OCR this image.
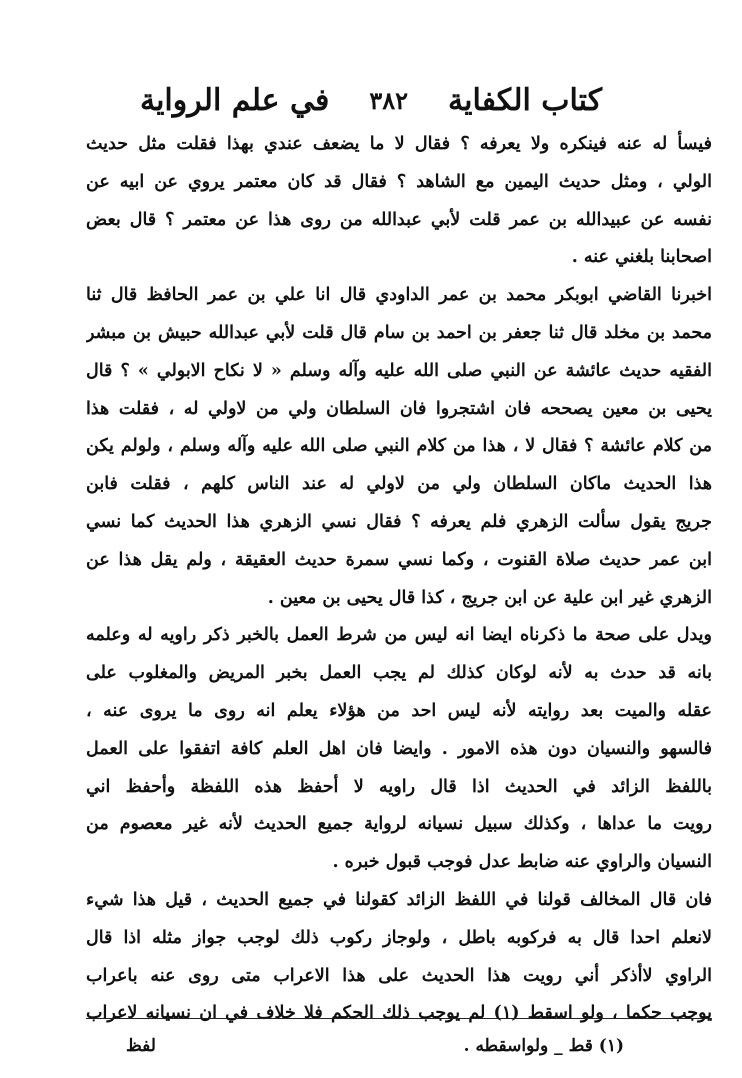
كتاب الكفاية
٣٨٢
في علم الرواية
فيسأ له عنه فينكره ولا يعرفه ؟ فقال لا ما يضعف عندي بهذا فقلت مثل حديث
الولي ، ومثل حديث اليمين مع الشاهد ؟ فقال قد كان معتمر يروي عن ابيه عن
نفسه عن عبيدالله بن عمر قلت لأبي عبدالله من روى هذا عن معتمر ؟ قال بعض
اصحابنا بلغني عنه .
اخبرنا القاضي ابوبكر محمد بن عمر الداودي قال انا علي بن عمر الحافظ قال ثنا
محمد بن مخلد قال ثنا جعفر بن احمد بن سام قال قلت لأبي عبدالله حبيش بن مبشر
الفقيه حديث عائشة عن النبي صلى الله عليه وآله وسلم « لا نكاح الابولي » ؟ قال
يحيى بن معين يصححه فان اشتجروا فان السلطان ولي من لاولي له ، فقلت هذا
من كلام عائشة ؟ فقال لا ، هذا من كلام النبي صلى الله عليه وآله وسلم ، ولولم يكن
هذا الحديث ماكان السلطان ولي من لاولي له عند الناس كلهم ، فقلت فابن
جريج يقول سألت الزهري فلم يعرفه ؟ فقال نسي الزهري هذا الحديث كما نسي
ابن عمر حديث صلاة القنوت ، وكما نسي سمرة حديث العقيقة ، ولم يقل هذا عن
الزهري غير ابن علية عن ابن جريج ، كذا قال يحيى بن معين .
ويدل على صحة ما ذكرناه ايضا انه ليس من شرط العمل بالخبر ذكر راويه له وعلمه
بانه قد حدث به لأنه لوكان كذلك لم يجب العمل بخبر المريض والمغلوب على
عقله والميت بعد روايته لأنه ليس احد من هؤلاء يعلم انه روى ما يروى عنه ،
فالسهو والنسيان دون هذه الامور . وايضا فان اهل العلم كافة اتفقوا على العمل
باللفظ الزائد في الحديث اذا قال راويه لا أحفظ هذه اللفظة وأحفظ اني
رويت ما عداها ، وكذلك سبيل نسيانه لرواية جميع الحديث لأنه غير معصوم من
النسيان والراوي عنه ضابط عدل فوجب قبول خبره .
فان قال المخالف قولنا في اللفظ الزائد كقولنا في جميع الحديث ، قيل هذا شيء
لانعلم احدا قال به فركوبه باطل ، ولوجاز ركوب ذلك لوجب جواز مثله اذا قال
الراوي لاأذكر أني رويت هذا الحديث على هذا الاعراب متى روى عنه باعراب
يوجب حكما ، ولو اسقط (١) لم يوجب ذلك الحكم فلا خلاف في ان نسيانه لاعراب
(١) قط _ ولواسقطه .
لفظ
